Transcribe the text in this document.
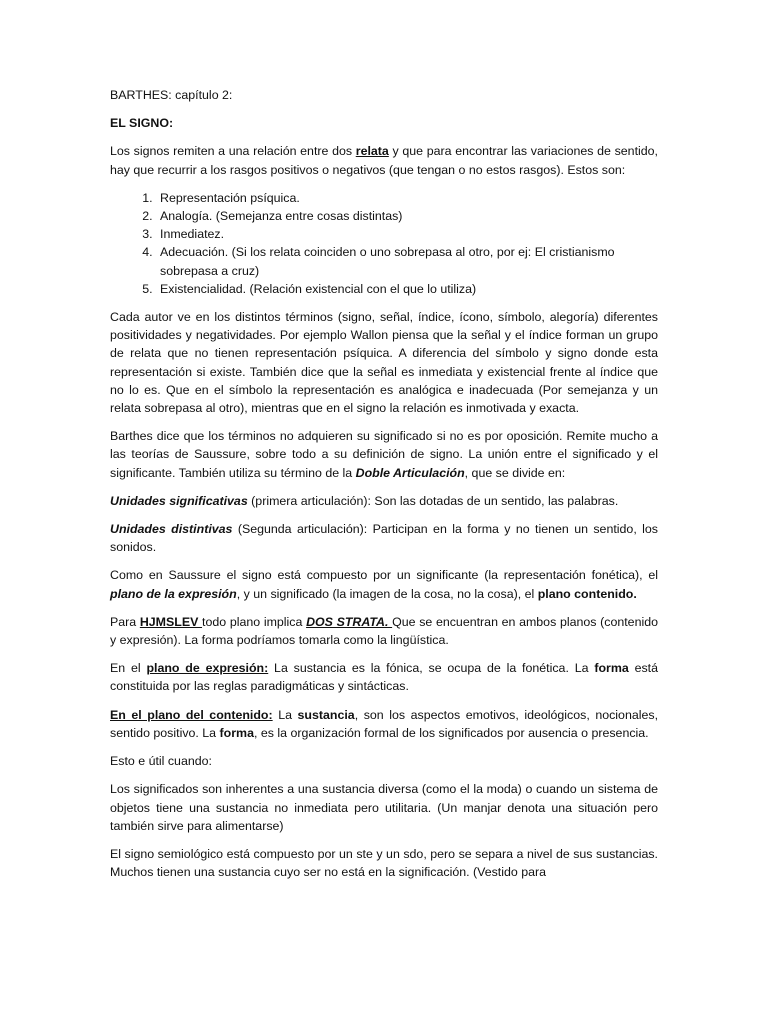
BARTHES: capítulo 2:

EL SIGNO:

Los signos remiten a una relación entre dos relata y que para encontrar las variaciones de sentido, hay que recurrir a los rasgos positivos o negativos (que tengan o no estos rasgos). Estos son:

1. Representación psíquica.
2. Analogía. (Semejanza entre cosas distintas)
3. Inmediatez.
4. Adecuación. (Si los relata coinciden o uno sobrepasa al otro, por ej: El cristianismo sobrepasa a cruz)
5. Existencialidad. (Relación existencial con el que lo utiliza)

Cada autor ve en los distintos términos (signo, señal, índice, ícono, símbolo, alegoría) diferentes positividades y negatividades. Por ejemplo Wallon piensa que la señal y el índice forman un grupo de relata que no tienen representación psíquica. A diferencia del símbolo y signo donde esta representación si existe. También dice que la señal es inmediata y existencial frente al índice que no lo es. Que en el símbolo la representación es analógica e inadecuada (Por semejanza y un relata sobrepasa al otro), mientras que en el signo la relación es inmotivada y exacta.

Barthes dice que los términos no adquieren su significado si no es por oposición. Remite mucho a las teorías de Saussure, sobre todo a su definición de signo. La unión entre el significado y el significante. También utiliza su término de la Doble Articulación, que se divide en:

Unidades significativas (primera articulación): Son las dotadas de un sentido, las palabras.

Unidades distintivas (Segunda articulación): Participan en la forma y no tienen un sentido, los sonidos.

Como en Saussure el signo está compuesto por un significante (la representación fonética), el plano de la expresión, y un significado (la imagen de la cosa, no la cosa), el plano contenido.

Para HJMSLEV todo plano implica DOS STRATA. Que se encuentran en ambos planos (contenido y expresión). La forma podríamos tomarla como la lingüística.

En el plano de expresión: La sustancia es la fónica, se ocupa de la fonética. La forma está constituida por las reglas paradigmáticas y sintácticas.

En el plano del contenido: La sustancia, son los aspectos emotivos, ideológicos, nocionales, sentido positivo. La forma, es la organización formal de los significados por ausencia o presencia.

Esto e útil cuando:

Los significados son inherentes a una sustancia diversa (como el la moda) o cuando un sistema de objetos tiene una sustancia no inmediata pero utilitaria. (Un manjar denota una situación pero también sirve para alimentarse)

El signo semiológico está compuesto por un ste y un sdo, pero se separa a nivel de sus sustancias. Muchos tienen una sustancia cuyo ser no está en la significación. (Vestido para
